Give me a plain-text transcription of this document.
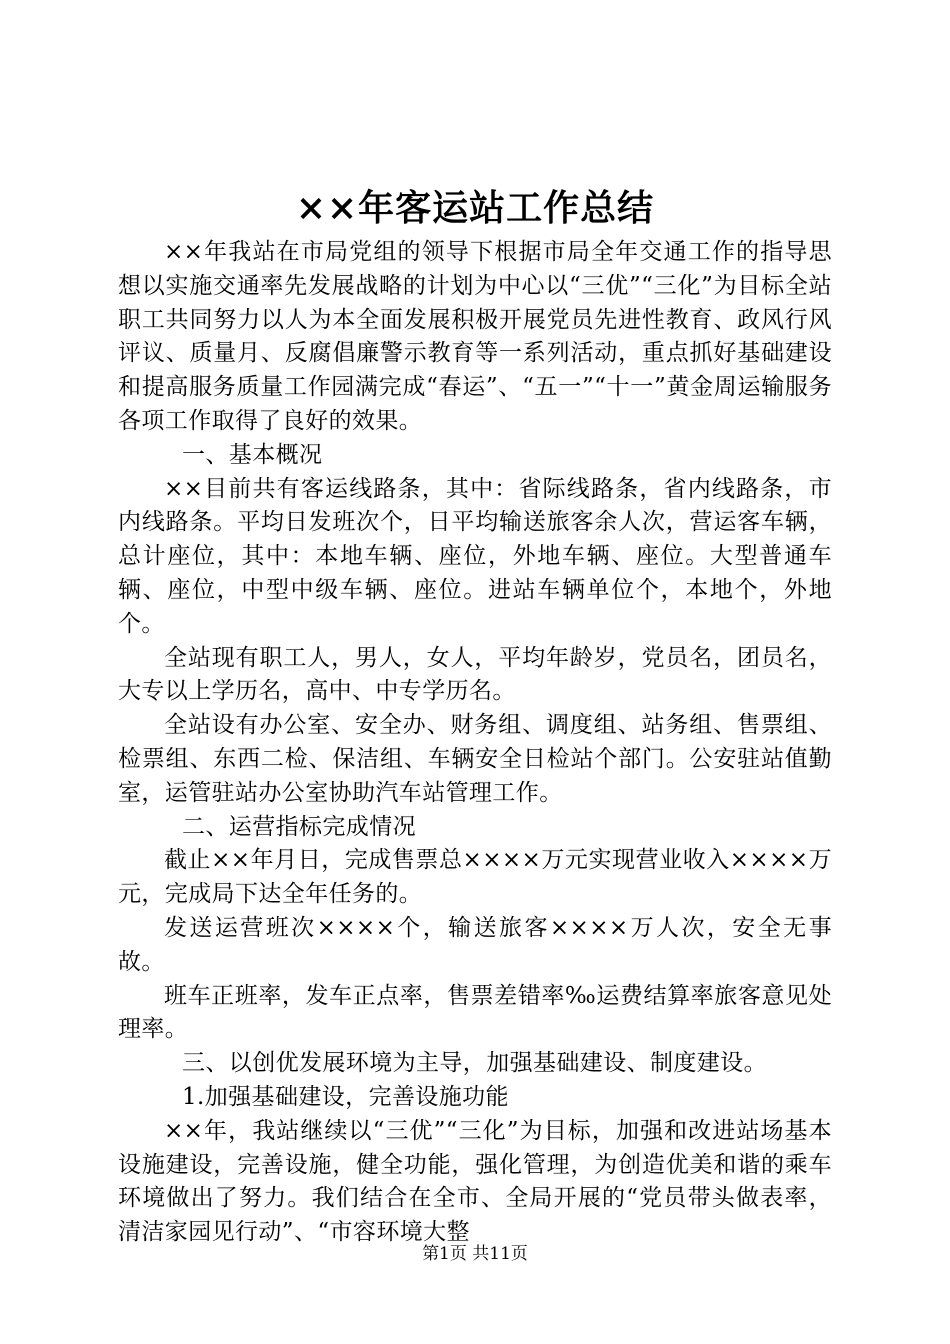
××年客运站工作总结

××年我站在市局党组的领导下根据市局全年交通工作的指导思想以实施交通率先发展战略的计划为中心以“三优”“三化”为目标全站职工共同努力以人为本全面发展积极开展党员先进性教育、政风行风评议、质量月、反腐倡廉警示教育等一系列活动，重点抓好基础建设和提高服务质量工作园满完成“春运”、“五一”“十一”黄金周运输服务各项工作取得了良好的效果。

一、基本概况

××目前共有客运线路条，其中：省际线路条，省内线路条，市内线路条。平均日发班次个，日平均输送旅客余人次，营运客车辆，总计座位，其中：本地车辆、座位，外地车辆、座位。大型普通车辆、座位，中型中级车辆、座位。进站车辆单位个，本地个，外地个。

全站现有职工人，男人，女人，平均年龄岁，党员名，团员名，大专以上学历名，高中、中专学历名。

全站设有办公室、安全办、财务组、调度组、站务组、售票组、检票组、东西二检、保洁组、车辆安全日检站个部门。公安驻站值勤室，运管驻站办公室协助汽车站管理工作。

二、运营指标完成情况

截止××年月日，完成售票总××××万元实现营业收入××××万元，完成局下达全年任务的。

发送运营班次××××个，输送旅客××××万人次，安全无事故。

班车正班率，发车正点率，售票差错率‰运费结算率旅客意见处理率。

三、以创优发展环境为主导，加强基础建设、制度建设。

1.加强基础建设，完善设施功能

××年，我站继续以“三优”“三化”为目标，加强和改进站场基本设施建设，完善设施，健全功能，强化管理，为创造优美和谐的乘车环境做出了努力。我们结合在全市、全局开展的“党员带头做表率，清洁家园见行动”、“市容环境大整

第1页 共11页
